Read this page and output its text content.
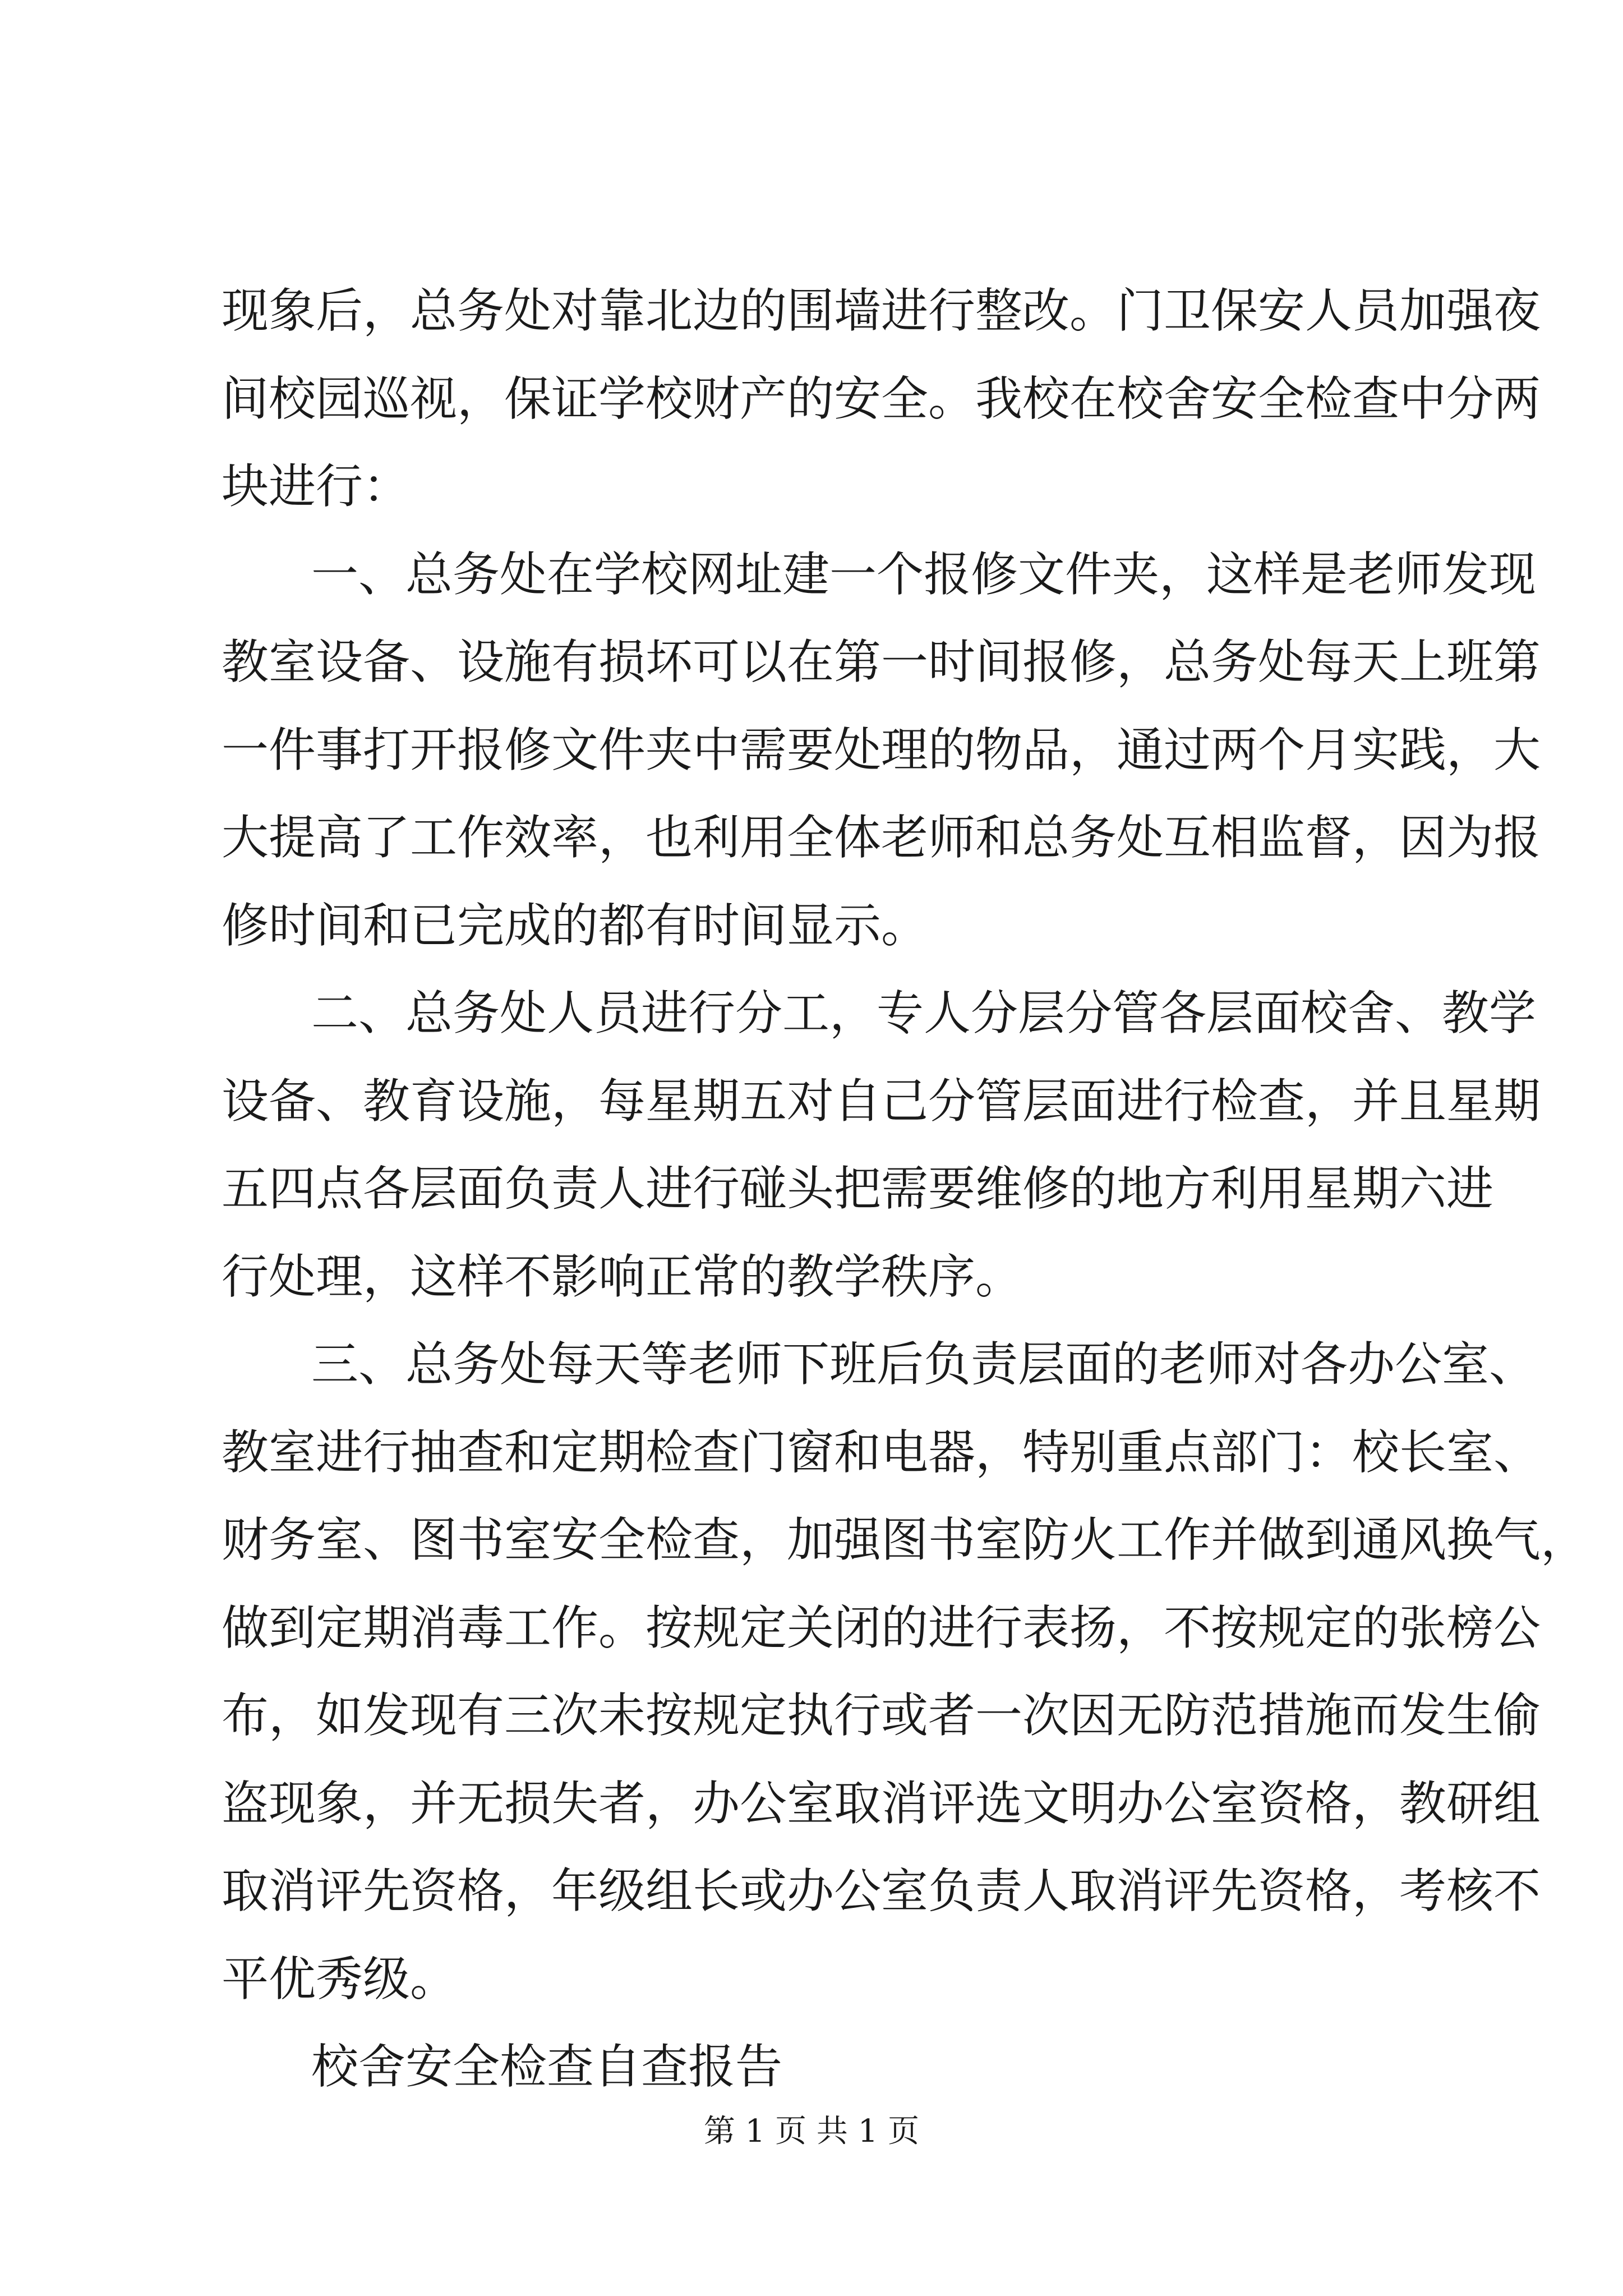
现象后，总务处对靠北边的围墙进行整改。门卫保安人员加强夜
间校园巡视，保证学校财产的安全。我校在校舍安全检查中分两
块进行：
一、总务处在学校网址建一个报修文件夹，这样是老师发现
教室设备、设施有损坏可以在第一时间报修，总务处每天上班第
一件事打开报修文件夹中需要处理的物品，通过两个月实践，大
大提高了工作效率，也利用全体老师和总务处互相监督，因为报
修时间和已完成的都有时间显示。
二、总务处人员进行分工，专人分层分管各层面校舍、教学
设备、教育设施，每星期五对自己分管层面进行检查，并且星期
五四点各层面负责人进行碰头把需要维修的地方利用星期六进
行处理，这样不影响正常的教学秩序。
三、总务处每天等老师下班后负责层面的老师对各办公室、
教室进行抽查和定期检查门窗和电器，特别重点部门：校长室、
财务室、图书室安全检查，加强图书室防火工作并做到通风换气，
做到定期消毒工作。按规定关闭的进行表扬，不按规定的张榜公
布，如发现有三次未按规定执行或者一次因无防范措施而发生偷
盗现象，并无损失者，办公室取消评选文明办公室资格，教研组
取消评先资格，年级组长或办公室负责人取消评先资格，考核不
平优秀级。
校舍安全检查自查报告
第 1 页 共 1 页
